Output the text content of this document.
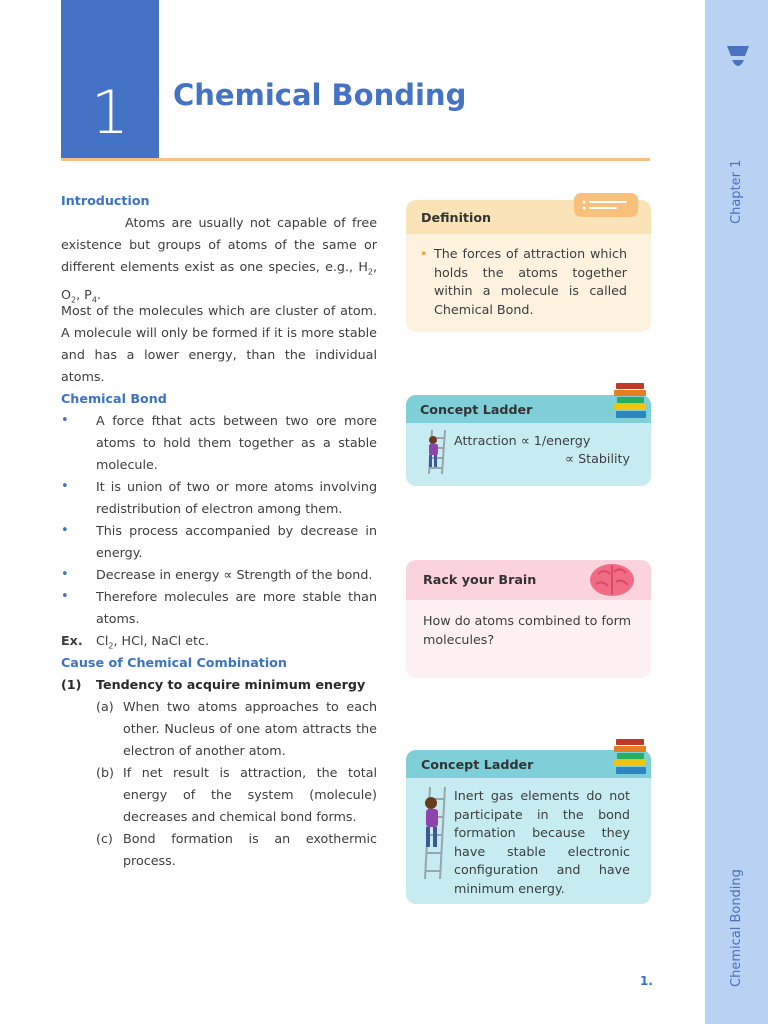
1	Chemical Bonding
Chapter 1
Chemical Bonding
Introduction
Atoms are usually not capable of free existence but groups of atoms of the same or different elements exist as one species, e.g., $H_2$, $O_2$, $P_4$.
Most of the molecules which are cluster of atom. A molecule will only be formed if it is more stable and has a lower energy, than the individual atoms.
Chemical Bond
• A force fthat acts between two ore more atoms to hold them together as a stable molecule.
• It is union of two or more atoms involving redistribution of electron among them.
• This process accompanied by decrease in energy.
• Decrease in energy ∝ Strength of the bond.
• Therefore molecules are more stable than atoms.
Ex. $Cl_2$, HCl, NaCl etc.
Cause of Chemical Combination
(1) Tendency to acquire minimum energy
(a) When two atoms approaches to each other. Nucleus of one atom attracts the electron of another atom.
(b) If net result is attraction, the total energy of the system (molecule) decreases and chemical bond forms.
(c) Bond formation is an exothermic process.
Definition
• The forces of attraction which holds the atoms together within a molecule is called Chemical Bond.
Concept Ladder
Attraction ∝ 1/energy
∝ Stability
Rack your Brain
How do atoms combined to form molecules?
Concept Ladder
Inert gas elements do not participate in the bond formation because they have stable electronic configuration and have minimum energy.
1.
